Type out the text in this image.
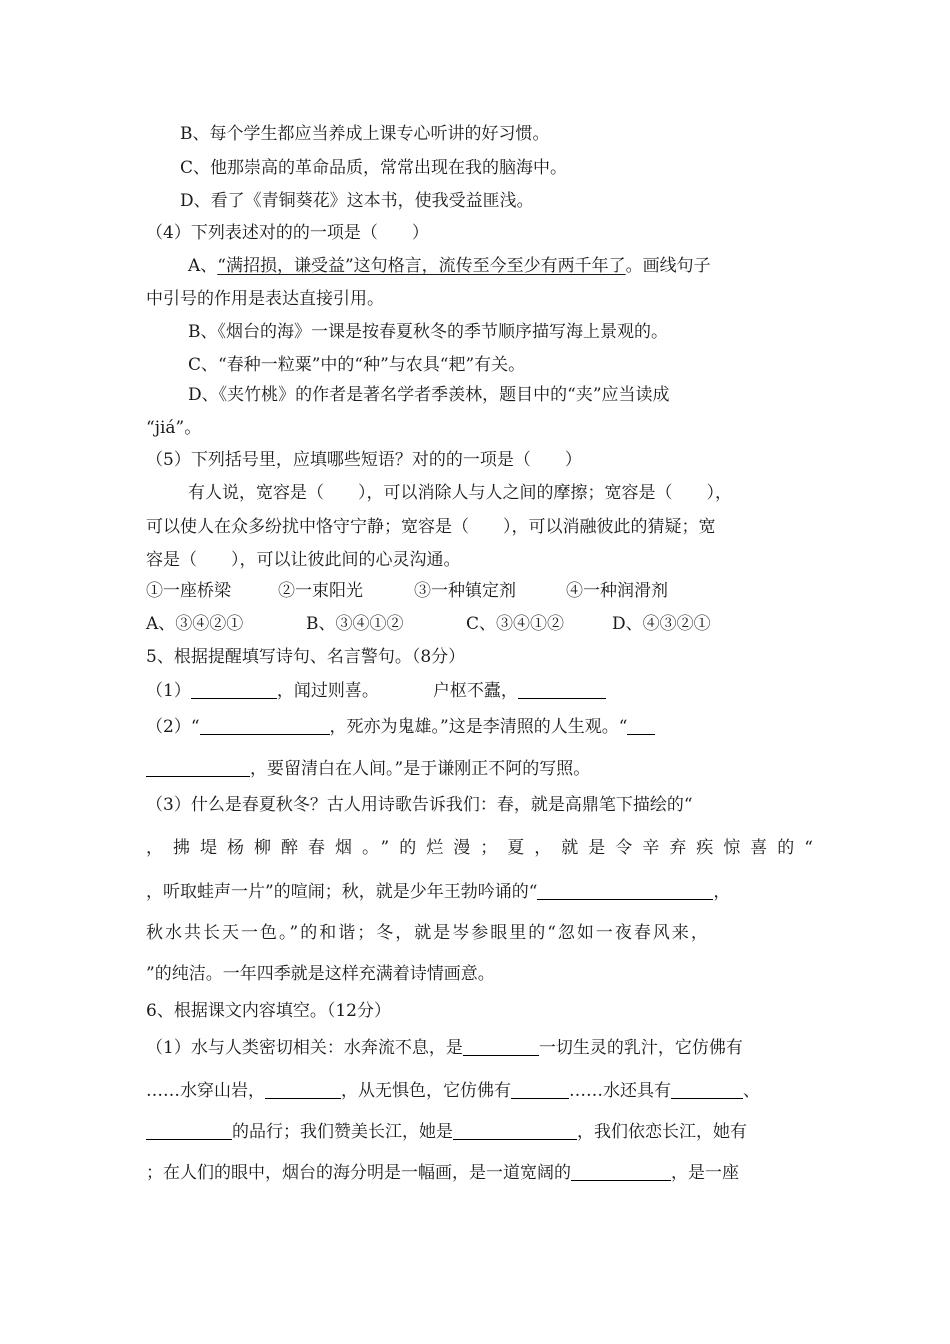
B、每个学生都应当养成上课专心听讲的好习惯。
C、他那崇高的革命品质，常常出现在我的脑海中。
D、看了《青铜葵花》这本书，使我受益匪浅。
（4）下列表述对的的一项是（　　）
A、“满招损，谦受益”这句格言，流传至今至少有两千年了。画线句子
中引号的作用是表达直接引用。
B、《烟台的海》一课是按春夏秋冬的季节顺序描写海上景观的。
C、“春种一粒粟”中的“种”与农具“耙”有关。
D、《夹竹桃》的作者是著名学者季羡林，题目中的“夹”应当读成
“jiá”。
（5）下列括号里，应填哪些短语？对的的一项是（　　）
有人说，宽容是（　　），可以消除人与人之间的摩擦；宽容是（　　），
可以使人在众多纷扰中恪守宁静；宽容是（　　），可以消融彼此的猜疑；宽
容是（　　），可以让彼此间的心灵沟通。
①一座桥梁	②一束阳光	③一种镇定剂	④一种润滑剂
A、③④②①	B、③④①②	C、③④①②	D、④③②①
5、根据提醒填写诗句、名言警句。（8分）
（1）	，闻过则喜。	户枢不蠹，
（2）“	，死亦为鬼雄。”这是李清照的人生观。“
，要留清白在人间。”是于谦刚正不阿的写照。
（3）什么是春夏秋冬？古人用诗歌告诉我们：春，就是高鼎笔下描绘的“
，拂堤杨柳醉春烟。”的烂漫；夏，就是令辛弃疾惊喜的“
，听取蛙声一片”的喧闹；秋，就是少年王勃吟诵的“	，
秋水共长天一色。”的和谐；冬，就是岑参眼里的“忽如一夜春风来，
”的纯洁。一年四季就是这样充满着诗情画意。
6、根据课文内容填空。（12分）
（1）水与人类密切相关：水奔流不息，是	一切生灵的乳汁，它仿佛有
……水穿山岩，	，从无惧色，它仿佛有	……水还具有	、
的品行；我们赞美长江，她是	，我们依恋长江，她有
；在人们的眼中，烟台的海分明是一幅画，是一道宽阔的	，是一座
